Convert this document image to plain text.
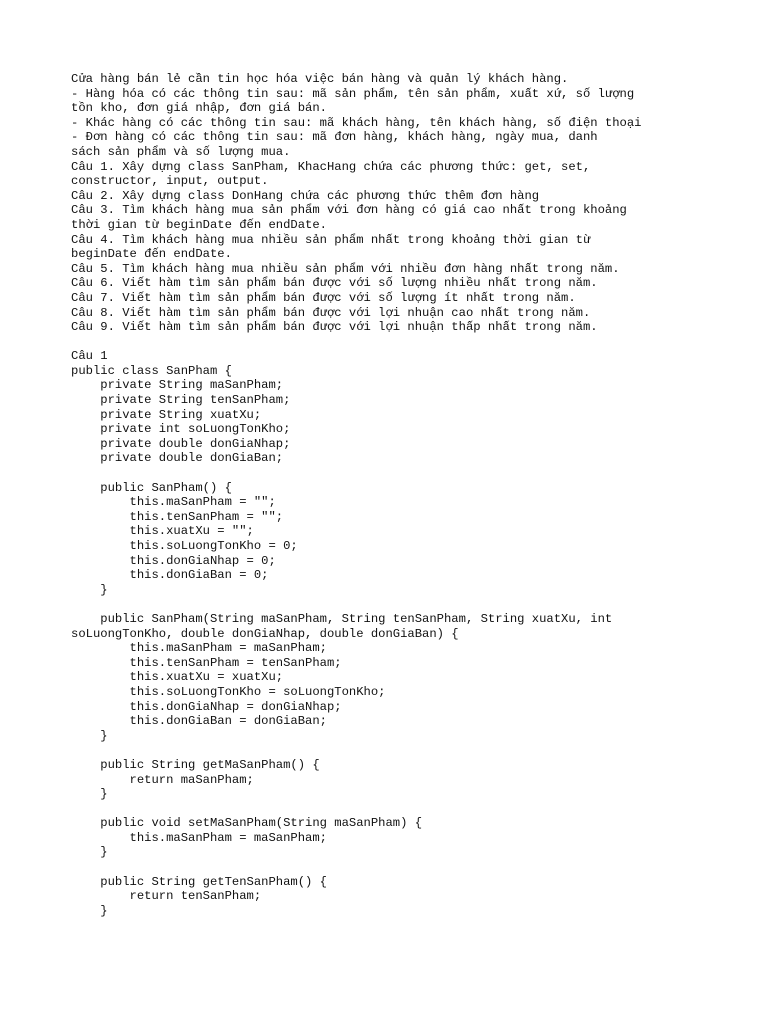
Cửa hàng bán lẻ cần tin học hóa việc bán hàng và quản lý khách hàng.
- Hàng hóa có các thông tin sau: mã sản phẩm, tên sản phẩm, xuất xứ, số lượng
tồn kho, đơn giá nhập, đơn giá bán.
- Khác hàng có các thông tin sau: mã khách hàng, tên khách hàng, số điện thoại
- Đơn hàng có các thông tin sau: mã đơn hàng, khách hàng, ngày mua, danh
sách sản phẩm và số lượng mua.
Câu 1. Xây dựng class SanPham, KhacHang chứa các phương thức: get, set,
constructor, input, output.
Câu 2. Xây dựng class DonHang chứa các phương thức thêm đơn hàng
Câu 3. Tìm khách hàng mua sản phẩm với đơn hàng có giá cao nhất trong khoảng
thời gian từ beginDate đến endDate.
Câu 4. Tìm khách hàng mua nhiều sản phẩm nhất trong khoảng thời gian từ
beginDate đến endDate.
Câu 5. Tìm khách hàng mua nhiều sản phẩm với nhiều đơn hàng nhất trong năm.
Câu 6. Viết hàm tìm sản phẩm bán được với số lượng nhiều nhất trong năm.
Câu 7. Viết hàm tìm sản phẩm bán được với số lượng ít nhất trong năm.
Câu 8. Viết hàm tìm sản phẩm bán được với lợi nhuận cao nhất trong năm.
Câu 9. Viết hàm tìm sản phẩm bán được với lợi nhuận thấp nhất trong năm.
Câu 1
public class SanPham {
private String maSanPham;
private String tenSanPham;
private String xuatXu;
private int soLuongTonKho;
private double donGiaNhap;
private double donGiaBan;
public SanPham() {
this.maSanPham = "";
this.tenSanPham = "";
this.xuatXu = "";
this.soLuongTonKho = 0;
this.donGiaNhap = 0;
this.donGiaBan = 0;
}
public SanPham(String maSanPham, String tenSanPham, String xuatXu, int
soLuongTonKho, double donGiaNhap, double donGiaBan) {
this.maSanPham = maSanPham;
this.tenSanPham = tenSanPham;
this.xuatXu = xuatXu;
this.soLuongTonKho = soLuongTonKho;
this.donGiaNhap = donGiaNhap;
this.donGiaBan = donGiaBan;
}
public String getMaSanPham() {
return maSanPham;
}
public void setMaSanPham(String maSanPham) {
this.maSanPham = maSanPham;
}
public String getTenSanPham() {
return tenSanPham;
}
